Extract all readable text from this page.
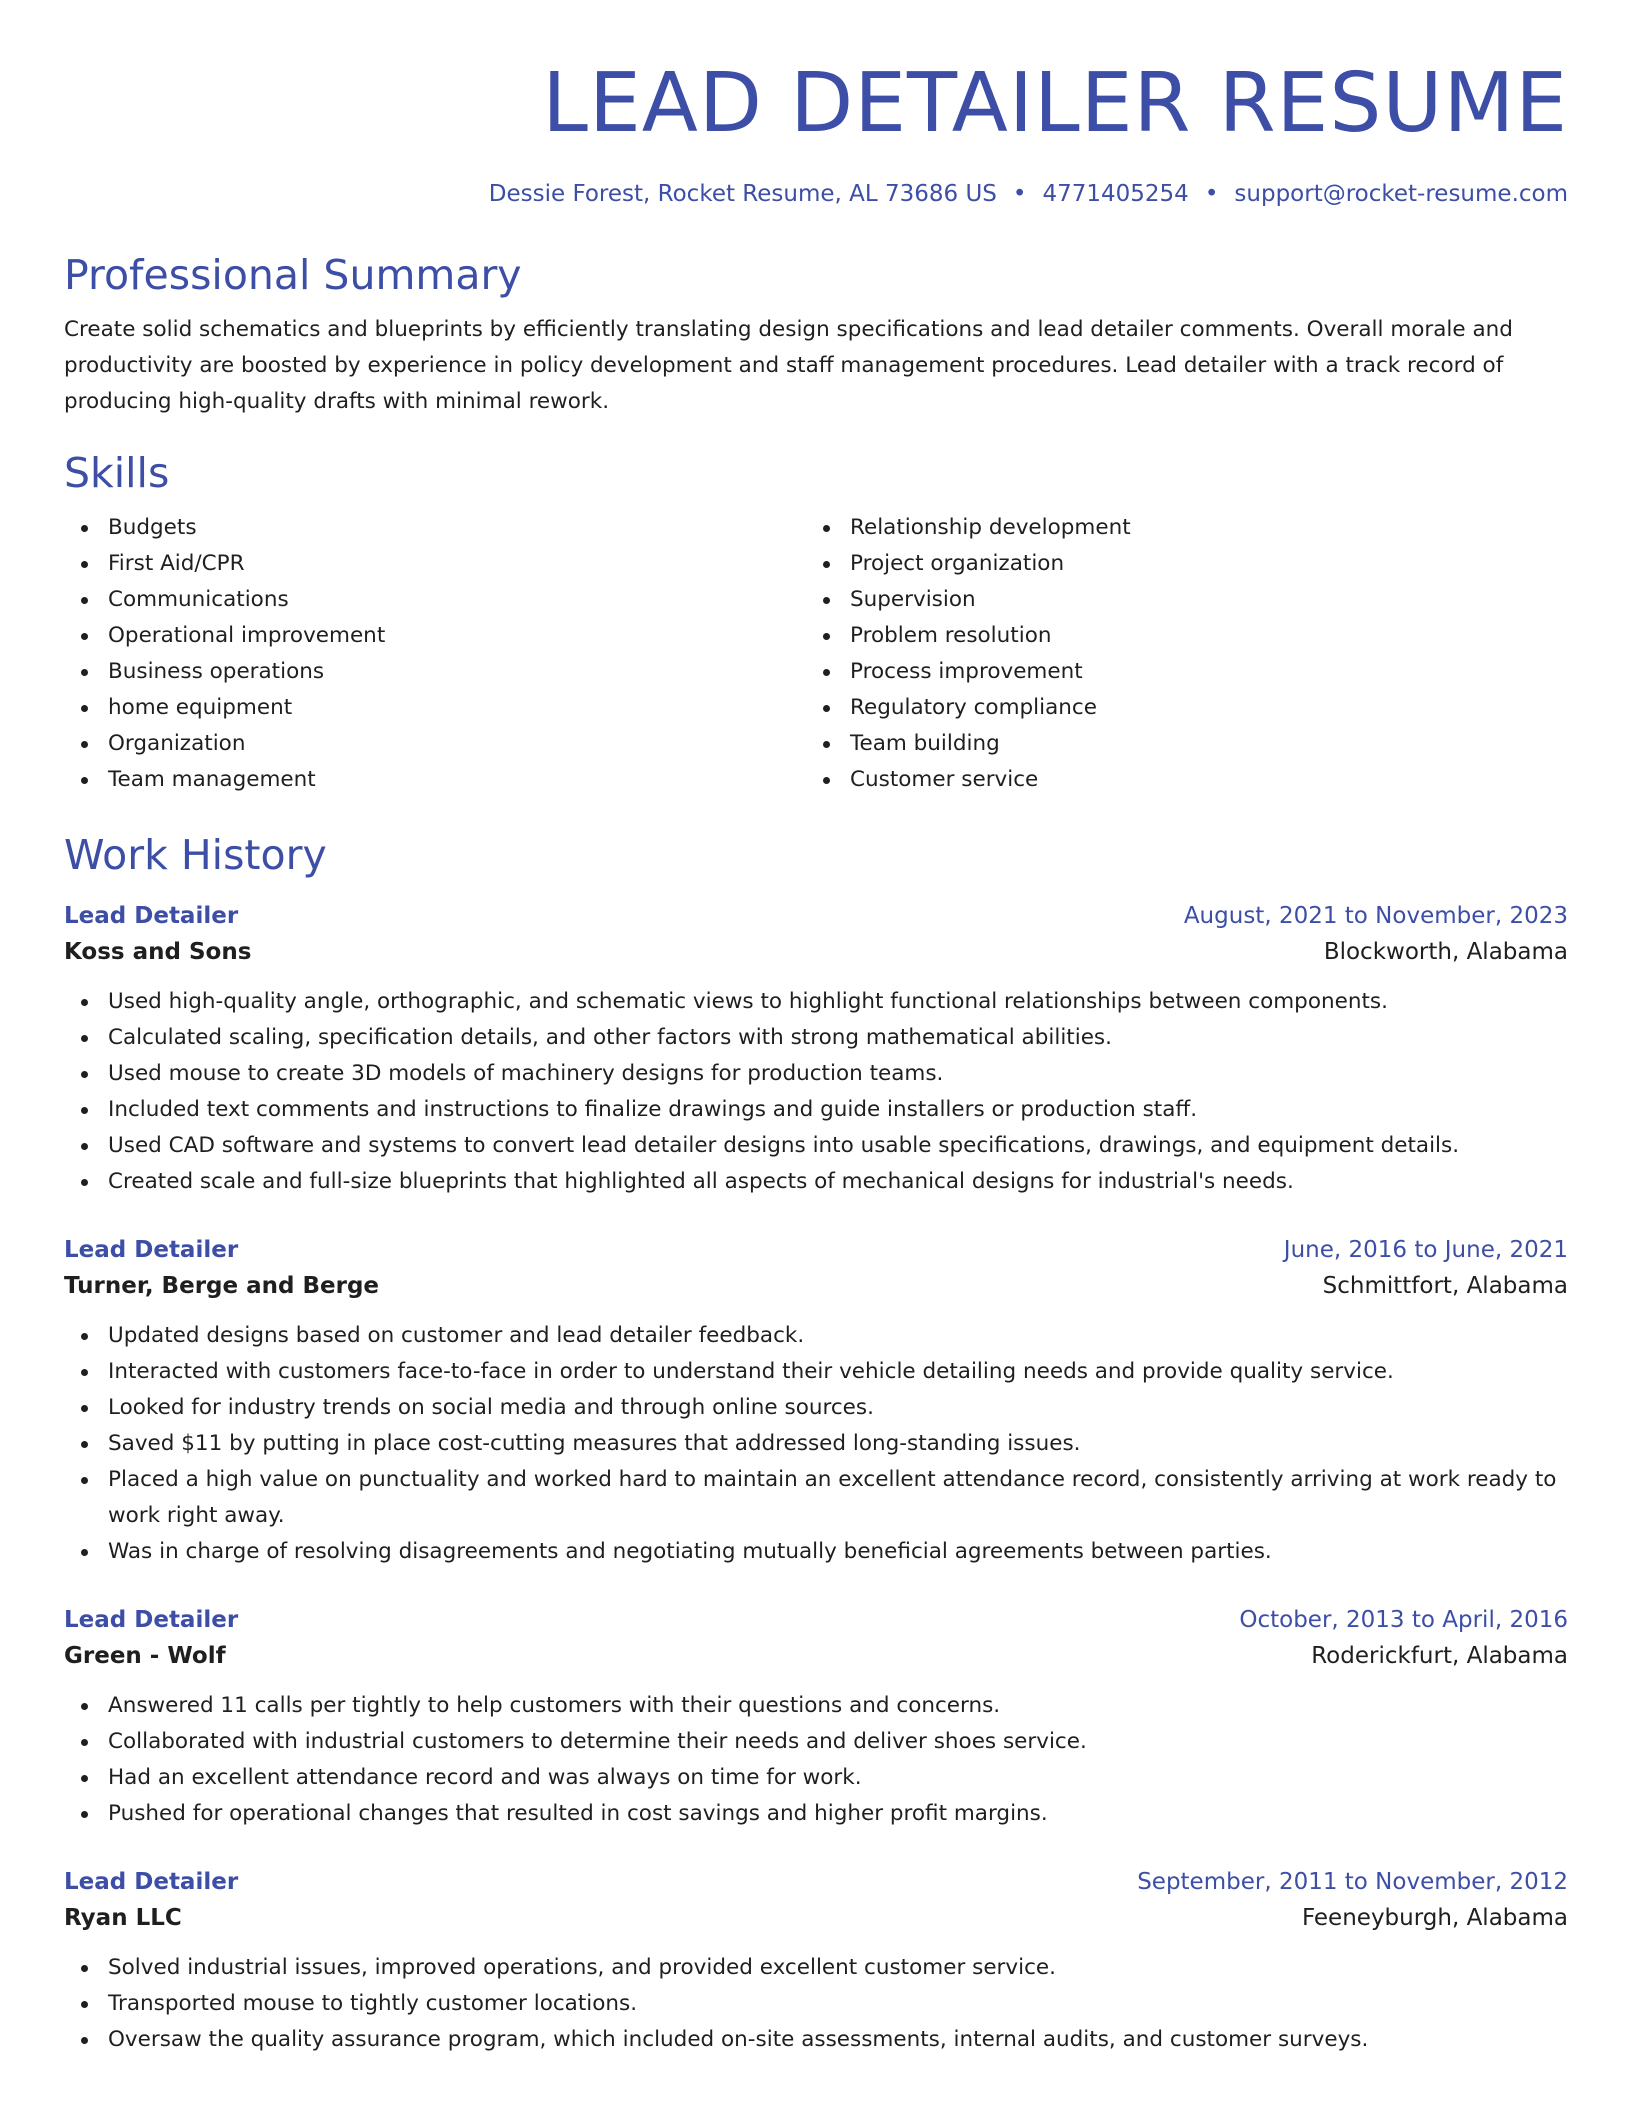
LEAD DETAILER RESUME
Dessie Forest, Rocket Resume, AL 73686 US • 4771405254 • support@rocket-resume.com
Professional Summary

Create solid schematics and blueprints by efficiently translating design specifications and lead detailer comments. Overall morale and productivity are boosted by experience in policy development and staff management procedures. Lead detailer with a track record of producing high-quality drafts with minimal rework.

Skills
Budgets
First Aid/CPR
Communications
Operational improvement
Business operations
home equipment
Organization
Team management
Relationship development
Project organization
Supervision
Problem resolution
Process improvement
Regulatory compliance
Team building
Customer service
Work History
Lead Detailer	August, 2021 to November, 2023
Koss and Sons	Blockworth, Alabama
Used high-quality angle, orthographic, and schematic views to highlight functional relationships between components.
Calculated scaling, specification details, and other factors with strong mathematical abilities.
Used mouse to create 3D models of machinery designs for production teams.
Included text comments and instructions to finalize drawings and guide installers or production staff.
Used CAD software and systems to convert lead detailer designs into usable specifications, drawings, and equipment details.
Created scale and full-size blueprints that highlighted all aspects of mechanical designs for industrial's needs.
Lead Detailer	June, 2016 to June, 2021
Turner, Berge and Berge	Schmittfort, Alabama
Updated designs based on customer and lead detailer feedback.
Interacted with customers face-to-face in order to understand their vehicle detailing needs and provide quality service.
Looked for industry trends on social media and through online sources.
Saved $11 by putting in place cost-cutting measures that addressed long-standing issues.
Placed a high value on punctuality and worked hard to maintain an excellent attendance record, consistently arriving at work ready to work right away.
Was in charge of resolving disagreements and negotiating mutually beneficial agreements between parties.
Lead Detailer	October, 2013 to April, 2016
Green - Wolf	Roderickfurt, Alabama
Answered 11 calls per tightly to help customers with their questions and concerns.
Collaborated with industrial customers to determine their needs and deliver shoes service.
Had an excellent attendance record and was always on time for work.
Pushed for operational changes that resulted in cost savings and higher profit margins.
Lead Detailer	September, 2011 to November, 2012
Ryan LLC	Feeneyburgh, Alabama
Solved industrial issues, improved operations, and provided excellent customer service.
Transported mouse to tightly customer locations.
Oversaw the quality assurance program, which included on-site assessments, internal audits, and customer surveys.
